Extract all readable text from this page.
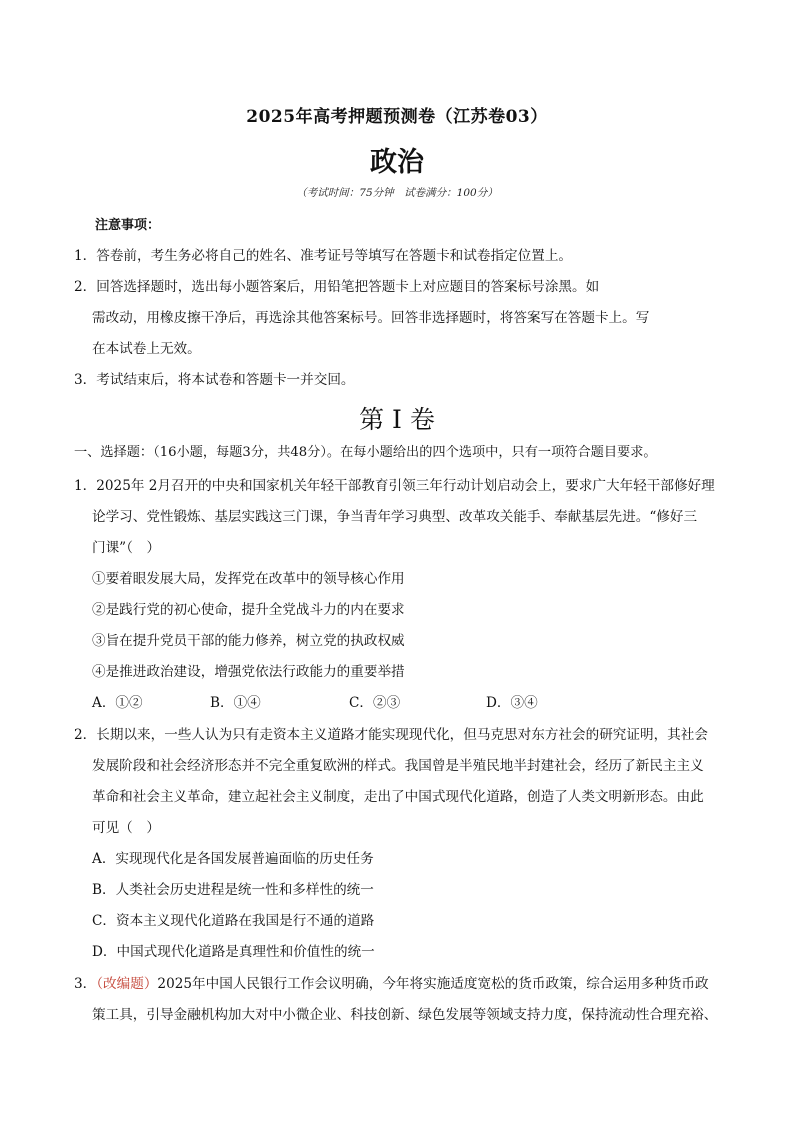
2025年高考押题预测卷（江苏卷03）
政治
（考试时间：75分钟　试卷满分：100分）
注意事项：
1．答卷前，考生务必将自己的姓名、准考证号等填写在答题卡和试卷指定位置上。
2．回答选择题时，选出每小题答案后，用铅笔把答题卡上对应题目的答案标号涂黑。如
需改动，用橡皮擦干净后，再选涂其他答案标号。回答非选择题时，将答案写在答题卡上。写
在本试卷上无效。
3．考试结束后，将本试卷和答题卡一并交回。
第 I 卷
一、选择题：（16小题，每题3分，共48分）。在每小题给出的四个选项中，只有一项符合题目要求。
1．2025年 2月召开的中央和国家机关年轻干部教育引领三年行动计划启动会上，要求广大年轻干部修好理
论学习、党性锻炼、基层实践这三门课，争当青年学习典型、改革攻关能手、奉献基层先进。“修好三
门课”（　）
①要着眼发展大局，发挥党在改革中的领导核心作用
②是践行党的初心使命，提升全党战斗力的内在要求
③旨在提升党员干部的能力修养，树立党的执政权威
④是推进政治建设，增强党依法行政能力的重要举措
A．①②	B．①④	C．②③	D．③④
2．长期以来，一些人认为只有走资本主义道路才能实现现代化，但马克思对东方社会的研究证明，其社会
发展阶段和社会经济形态并不完全重复欧洲的样式。我国曾是半殖民地半封建社会，经历了新民主主义
革命和社会主义革命，建立起社会主义制度，走出了中国式现代化道路，创造了人类文明新形态。由此
可见（　）
A．实现现代化是各国发展普遍面临的历史任务
B．人类社会历史进程是统一性和多样性的统一
C．资本主义现代化道路在我国是行不通的道路
D．中国式现代化道路是真理性和价值性的统一
3．（改编题）2025年中国人民银行工作会议明确，今年将实施适度宽松的货币政策，综合运用多种货币政
策工具，引导金融机构加大对中小微企业、科技创新、绿色发展等领域支持力度，保持流动性合理充裕、
